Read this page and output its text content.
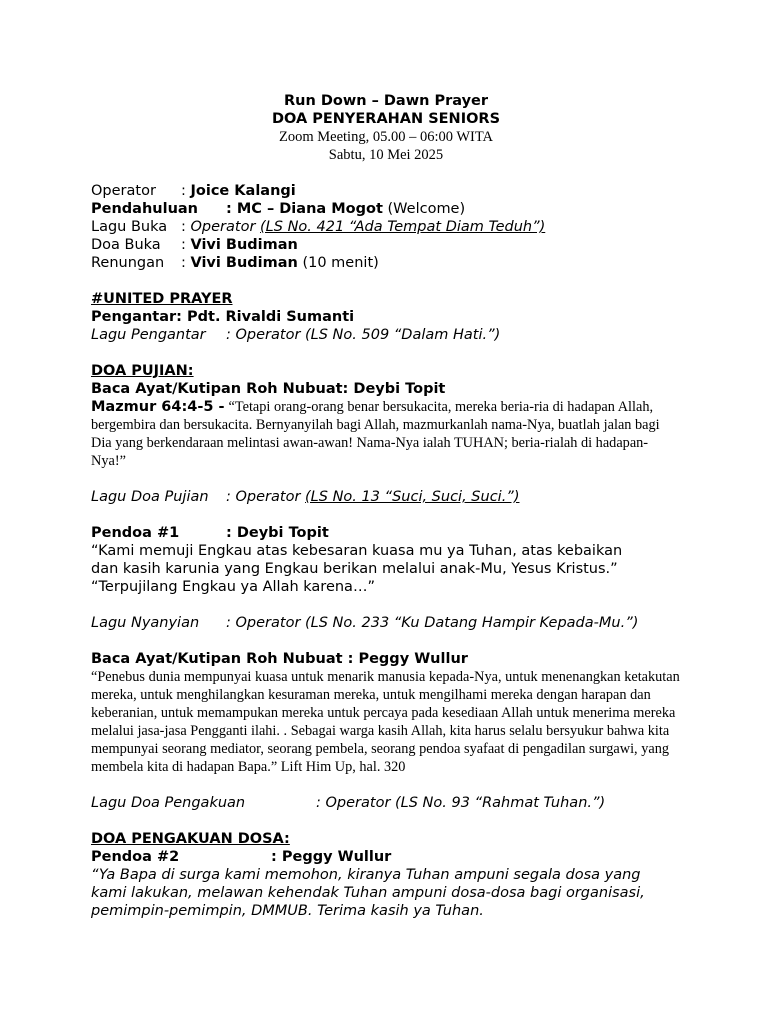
Run Down – Dawn Prayer
DOA PENYERAHAN SENIORS
Zoom Meeting, 05.00 – 06:00 WITA
Sabtu, 10 Mei 2025
Operator : Joice Kalangi
Pendahuluan : MC – Diana Mogot (Welcome)
Lagu Buka : Operator (LS No. 421 “Ada Tempat Diam Teduh”)
Doa Buka : Vivi Budiman
Renungan : Vivi Budiman (10 menit)
#UNITED PRAYER
Pengantar: Pdt. Rivaldi Sumanti
Lagu Pengantar : Operator (LS No. 509 “Dalam Hati.”)
DOA PUJIAN:
Baca Ayat/Kutipan Roh Nubuat: Deybi Topit
Mazmur 64:4-5 - “Tetapi orang-orang benar bersukacita, mereka beria-ria di hadapan Allah, bergembira dan bersukacita. Bernyanyilah bagi Allah, mazmurkanlah nama-Nya, buatlah jalan bagi Dia yang berkendaraan melintasi awan-awan! Nama-Nya ialah TUHAN; beria-rialah di hadapan-Nya!”
Lagu Doa Pujian : Operator (LS No. 13 “Suci, Suci, Suci.”)
Pendoa #1	: Deybi Topit
“Kami memuji Engkau atas kebesaran kuasa mu ya Tuhan, atas kebaikan
dan kasih karunia yang Engkau berikan melalui anak-Mu, Yesus Kristus.”
“Terpujilang Engkau ya Allah karena…”
Lagu Nyanyian : Operator (LS No. 233 “Ku Datang Hampir Kepada-Mu.”)
Baca Ayat/Kutipan Roh Nubuat : Peggy Wullur
“Penebus dunia mempunyai kuasa untuk menarik manusia kepada-Nya, untuk menenangkan ketakutan mereka, untuk menghilangkan kesuraman mereka, untuk mengilhami mereka dengan harapan dan keberanian, untuk memampukan mereka untuk percaya pada kesediaan Allah untuk menerima mereka melalui jasa-jasa Pengganti ilahi. . Sebagai warga kasih Allah, kita harus selalu bersyukur bahwa kita mempunyai seorang mediator, seorang pembela, seorang pendoa syafaat di pengadilan surgawi, yang membela kita di hadapan Bapa.” Lift Him Up, hal. 320
Lagu Doa Pengakuan	: Operator (LS No. 93 “Rahmat Tuhan.”)
DOA PENGAKUAN DOSA:
Pendoa #2	: Peggy Wullur
“Ya Bapa di surga kami memohon, kiranya Tuhan ampuni segala dosa yang
kami lakukan, melawan kehendak Tuhan ampuni dosa-dosa bagi organisasi,
pemimpin-pemimpin, DMMUB. Terima kasih ya Tuhan.
